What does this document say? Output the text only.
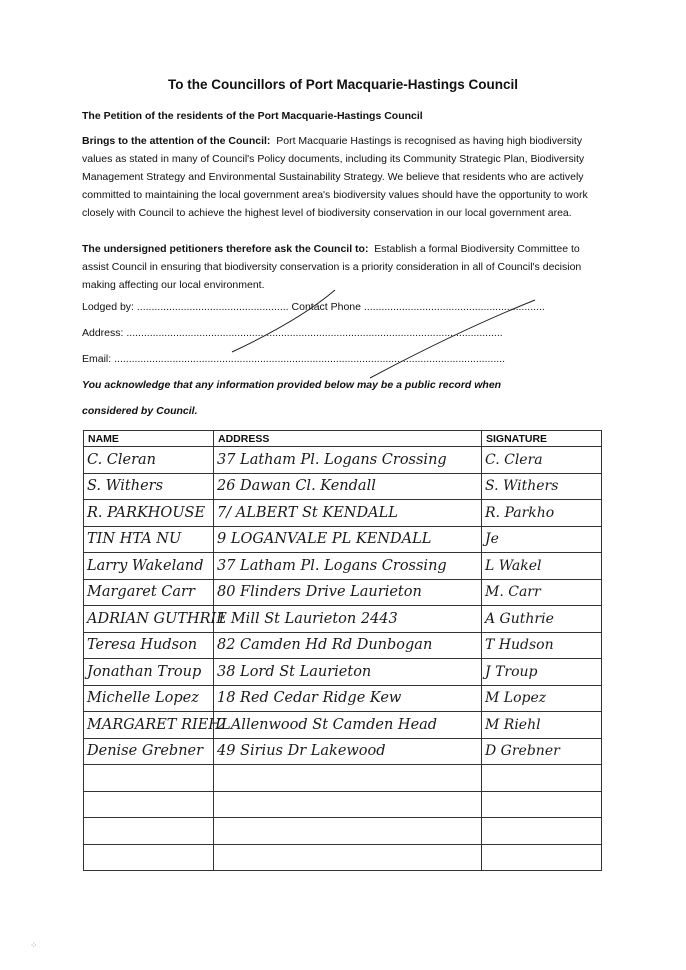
To the Councillors of Port Macquarie-Hastings Council
The Petition of the residents of the Port Macquarie-Hastings Council
Brings to the attention of the Council: Port Macquarie Hastings is recognised as having high biodiversity values as stated in many of Council's Policy documents, including its Community Strategic Plan, Biodiversity Management Strategy and Environmental Sustainability Strategy. We believe that residents who are actively committed to maintaining the local government area's biodiversity values should have the opportunity to work closely with Council to achieve the highest level of biodiversity conservation in our local government area.
The undersigned petitioners therefore ask the Council to: Establish a formal Biodiversity Committee to assist Council in ensuring that biodiversity conservation is a priority consideration in all of Council's decision making affecting our local environment.
Lodged by: .................................................... Contact Phone ..............................................................
Address: .................................................................................................................................
Email: ......................................................................................................................................
You acknowledge that any information provided below may be a public record when
considered by Council.
NAME	ADDRESS	SIGNATURE
C. Cleran	37 Latham Pl. Logans Crossing	C. Clera
S. Withers	26 Dawan Cl. Kendall	S. Withers
R. PARKHOUSE	7/ ALBERT St KENDALL	R. Parkho
TIN HTA NU	9 LOGANVALE PL KENDALL	Je
Larry Wakeland	37 Latham Pl. Logans Crossing	L Wakel
Margaret Carr	80 Flinders Drive Laurieton	M. Carr
ADRIAN GUTHRIE	1 Mill St Laurieton 2443	A Guthrie
Teresa Hudson	82 Camden Hd Rd Dunbogan	T Hudson
Jonathan Troup	38 Lord St Laurieton	J Troup
Michelle Lopez	18 Red Cedar Ridge Kew	M Lopez
MARGARET RIEHL	2 Allenwood St Camden Head	M Riehl
Denise Grebner	49 Sirius Dr Lakewood	D Grebner

⁘
